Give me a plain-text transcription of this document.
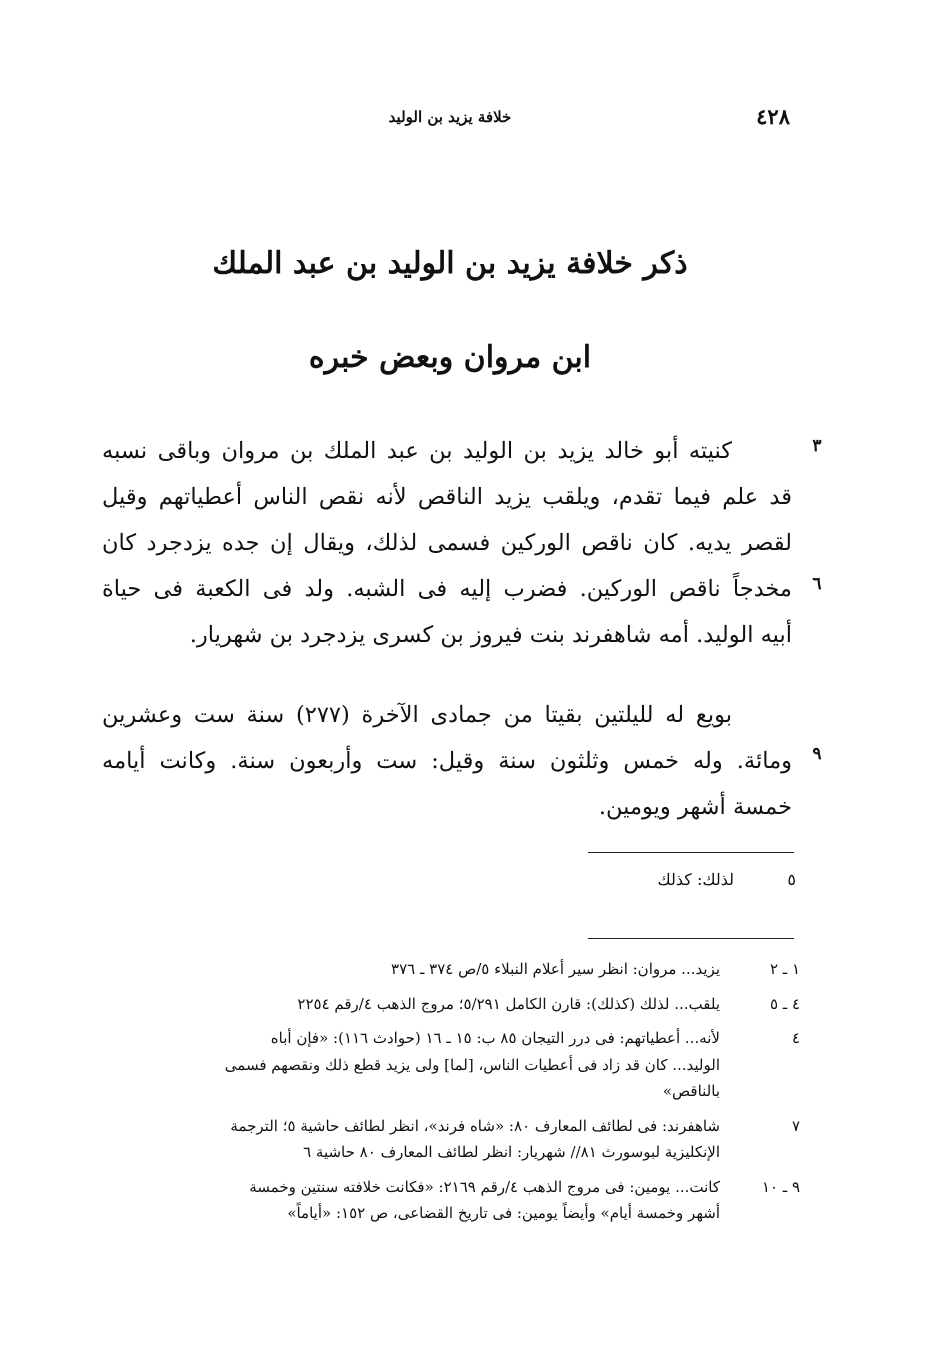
٤٢٨
خلافة يزيد بن الوليد
ذكر خلافة يزيد بن الوليد بن عبد الملك
ابن مروان وبعض خبره
٣
٦
٩
كنيته أبو خالد يزيد بن الوليد بن عبد الملك بن مروان وباقى نسبه
قد علم فيما تقدم، ويلقب يزيد الناقص لأنه نقص الناس أعطياتهم وقيل
لقصر يديه. كان ناقص الوركين فسمى لذلك، ويقال إن جده يزدجرد كان
مخدجاً ناقص الوركين. فضرب إليه فى الشبه. ولد فى الكعبة فى حياة
أبيه الوليد. أمه شاهفرند بنت فيروز بن كسرى يزدجرد بن شهريار.
بويع له لليلتين بقيتا من جمادى الآخرة (٢٧٧) سنة ست وعشرين
ومائة. وله خمس وثلثون سنة وقيل: ست وأربعون سنة. وكانت أيامه
خمسة أشهر ويومين.
٥
لذلك: كذلك
١ ـ ٢
يزيد... مروان: انظر سير أعلام النبلاء ٥/ص ٣٧٤ ـ ٣٧٦
٤ ـ ٥
يلقب... لذلك (كذلك): قارن الكامل ٥/٢٩١؛ مروج الذهب ٤/رقم ٢٢٥٤
٤
لأنه... أعطياتهم: فى درر التيجان ٨٥ ب: ١٥ ـ ١٦ (حوادث ١١٦): «فإن أباه
الوليد... كان قد زاد فى أعطيات الناس، [لما] ولى يزيد قطع ذلك ونقصهم فسمى
بالناقص»
٧
شاهفرند: فى لطائف المعارف ٨٠: «شاه فرند»، انظر لطائف حاشية ٥؛ الترجمة
الإنكليزية لبوسورث ٨١// شهريار: انظر لطائف المعارف ٨٠ حاشية ٦
٩ ـ ١٠
كانت... يومين: فى مروج الذهب ٤/رقم ٢١٦٩: «فكانت خلافته سنتين وخمسة
أشهر وخمسة أيام» وأيضاً يومين: فى تاريخ القضاعى، ص ١٥٢: «أياماً»
